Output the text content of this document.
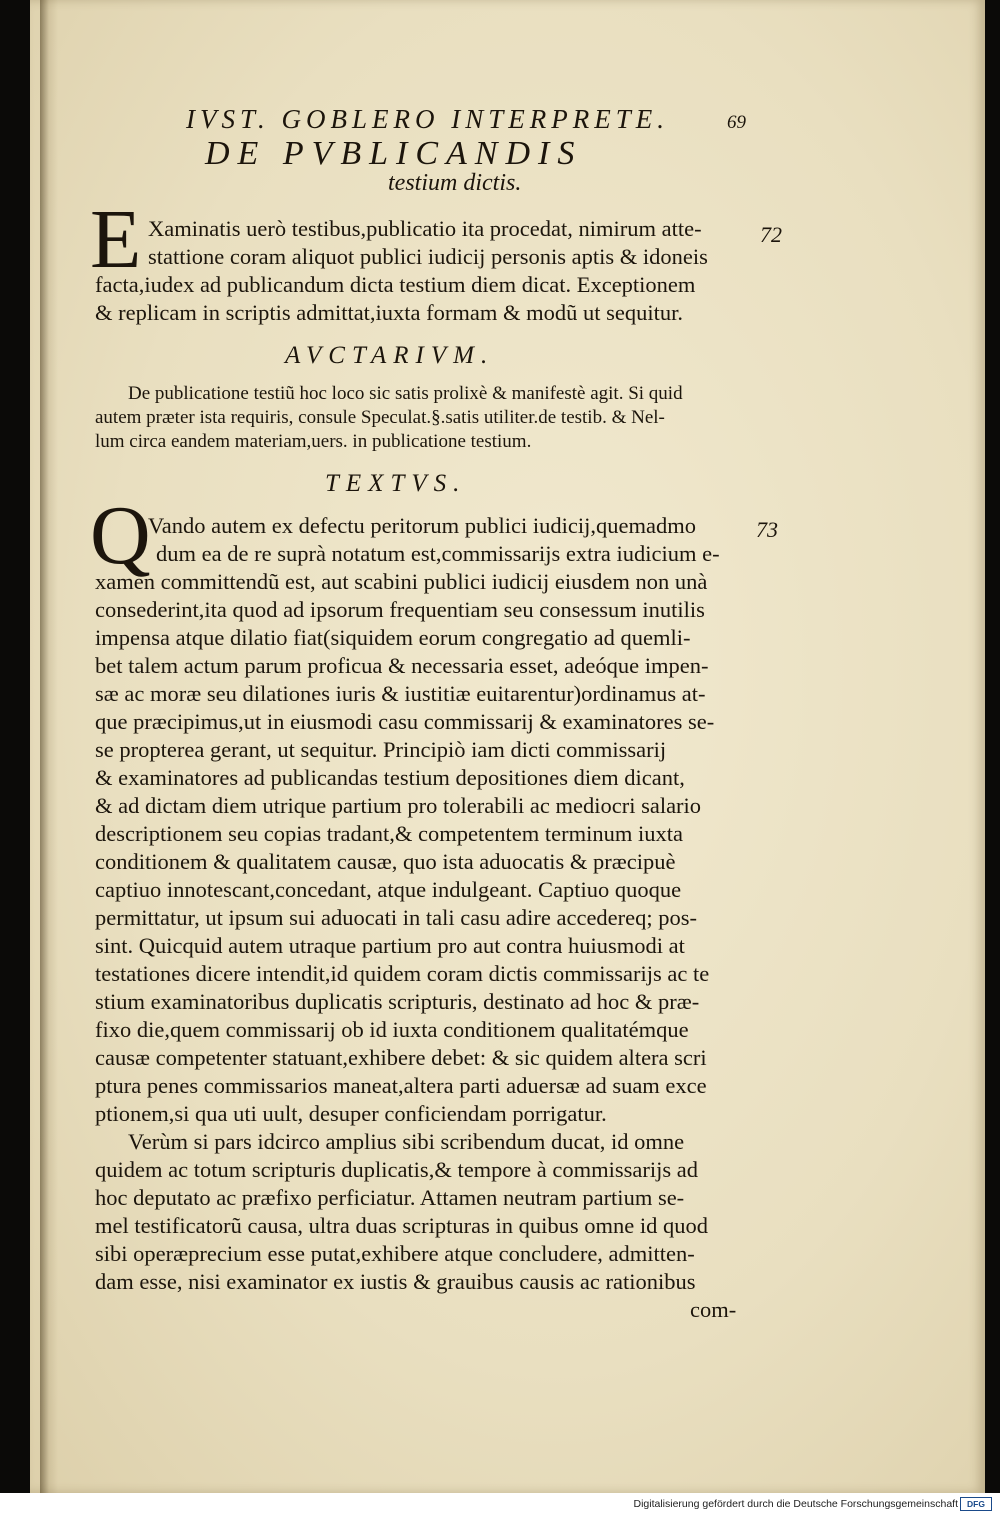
IVST. GOBLERO INTERPRETE.	69
DE PVBLICANDIS
testium dictis.
E Xaminatis uerò testibus,publicatio ita procedat, nimirum atte-
stattione coram aliquot publici iudicij personis aptis & idoneis
facta,iudex ad publicandum dicta testium diem dicat. Exceptionem
& replicam in scriptis admittat,iuxta formam & modũ ut sequitur.
72
AVCTARIVM.
De publicatione testiũ hoc loco sic satis prolixè & manifestè agit. Si quid
autem præter ista requiris, consule Speculat.§.satis utiliter.de testib. & Nel-
lum circa eandem materiam,uers. in publicatione testium.
TEXTVS.
Q	73
Vando autem ex defectu peritorum publici iudicij,quemadmo
dum ea de re suprà notatum est,commissarijs extra iudicium e-
xamen committendũ est, aut scabini publici iudicij eiusdem non unà
consederint,ita quod ad ipsorum frequentiam seu consessum inutilis
impensa atque dilatio fiat(siquidem eorum congregatio ad quemli-
bet talem actum parum proficua & necessaria esset, adeóque impen-
sæ ac moræ seu dilationes iuris & iustitiæ euitarentur)ordinamus at-
que præcipimus,ut in eiusmodi casu commissarij & examinatores se-
se propterea gerant, ut sequitur. Principiò iam dicti commissarij
& examinatores ad publicandas testium depositiones diem dicant,
& ad dictam diem utrique partium pro tolerabili ac mediocri salario
descriptionem seu copias tradant,& competentem terminum iuxta
conditionem & qualitatem causæ, quo ista aduocatis & præcipuè
captiuo innotescant,concedant, atque indulgeant. Captiuo quoque
permittatur, ut ipsum sui aduocati in tali casu adire accedereq; pos-
sint. Quicquid autem utraque partium pro aut contra huiusmodi at
testationes dicere intendit,id quidem coram dictis commissarijs ac te
stium examinatoribus duplicatis scripturis, destinato ad hoc & præ-
fixo die,quem commissarij ob id iuxta conditionem qualitatémque
causæ competenter statuant,exhibere debet: & sic quidem altera scri
ptura penes commissarios maneat,altera parti aduersæ ad suam exce
ptionem,si qua uti uult, desuper conficiendam porrigatur.
Verùm si pars idcirco amplius sibi scribendum ducat, id omne
quidem ac totum scripturis duplicatis,& tempore à commissarijs ad
hoc deputato ac præfixo perficiatur. Attamen neutram partium se-
mel testificatorũ causa, ultra duas scripturas in quibus omne id quod
sibi operæprecium esse putat,exhibere atque concludere, admitten-
dam esse, nisi examinator ex iustis & grauibus causis ac rationibus
com-
Digitalisierung gefördert durch die Deutsche Forschungsgemeinschaft	DFG
